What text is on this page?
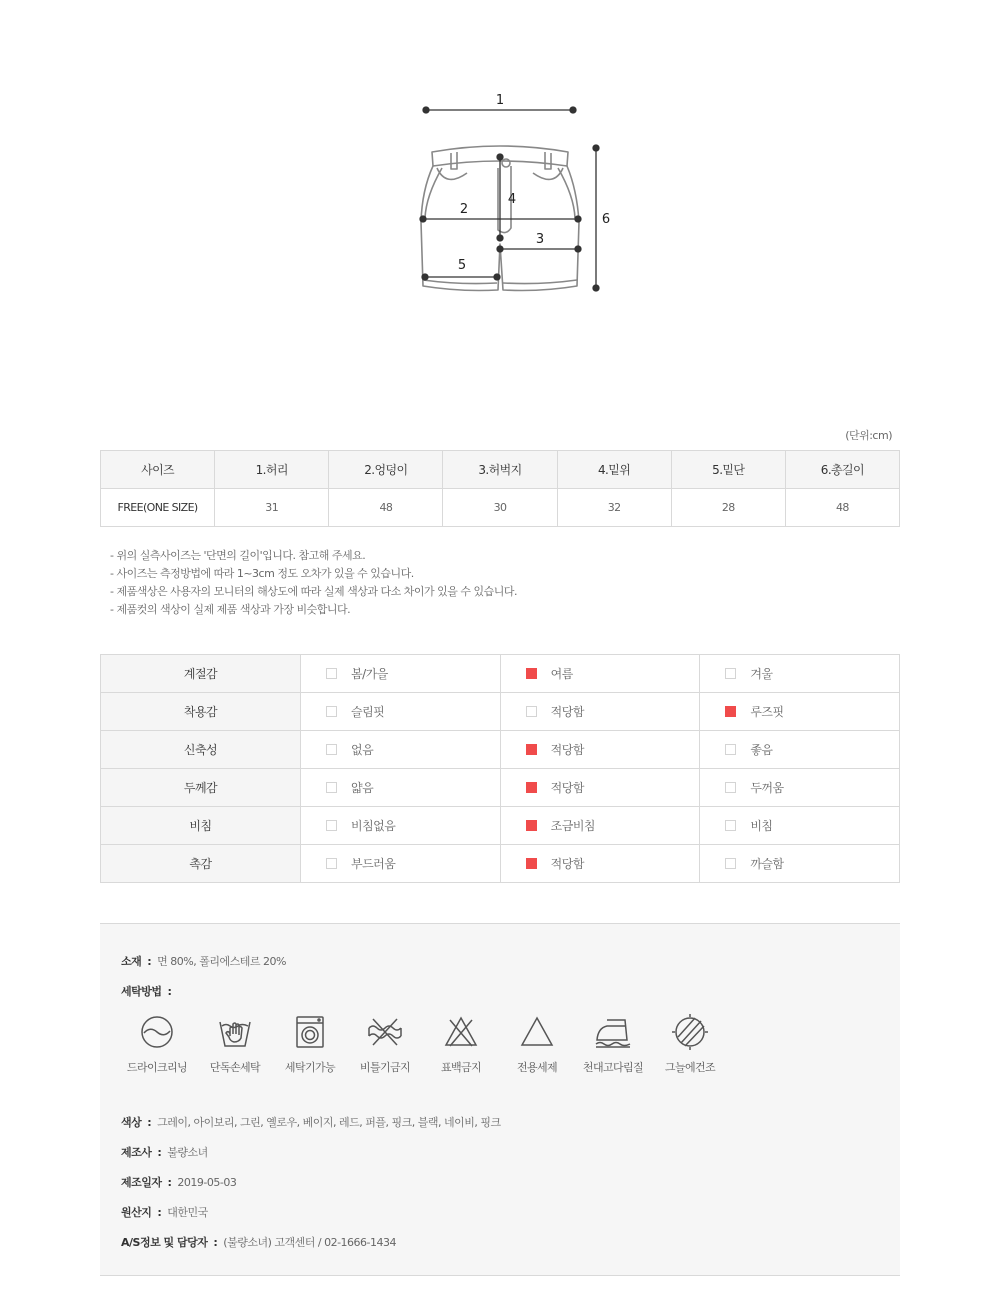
1
2
3
4
5
6
(단위:cm)
사이즈	1.허리	2.엉덩이	3.허벅지	4.밑위	5.밑단	6.총길이
FREE(ONE SIZE)	31	48	30	32	28	48
- 위의 실측사이즈는 '단면의 길이'입니다. 참고해 주세요.
- 사이즈는 측정방법에 따라 1~3cm 정도 오차가 있을 수 있습니다.
- 제품색상은 사용자의 모니터의 해상도에 따라 실제 색상과 다소 차이가 있을 수 있습니다.
- 제품컷의 색상이 실제 제품 색상과 가장 비슷합니다.
계절감	봄/가을	여름	겨울
착용감	슬림핏	적당함	루즈핏
신축성	없음	적당함	좋음
두께감	얇음	적당함	두꺼움
비침	비침없음	조금비침	비침
촉감	부드러움	적당함	까슬함
소재 : 면 80%, 폴리에스테르 20%
세탁방법 :
드라이크리닝	단독손세탁	세탁기가능	비틀기금지	표백금지	전용세제	천대고다림질	그늘에건조
색상 : 그레이, 아이보리, 그린, 옐로우, 베이지, 레드, 퍼플, 핑크, 블랙, 네이비, 핑크
제조사 : 불량소녀
제조일자 : 2019-05-03
원산지 : 대한민국
A/S정보 및 담당자 : (불량소녀) 고객센터 / 02-1666-1434
